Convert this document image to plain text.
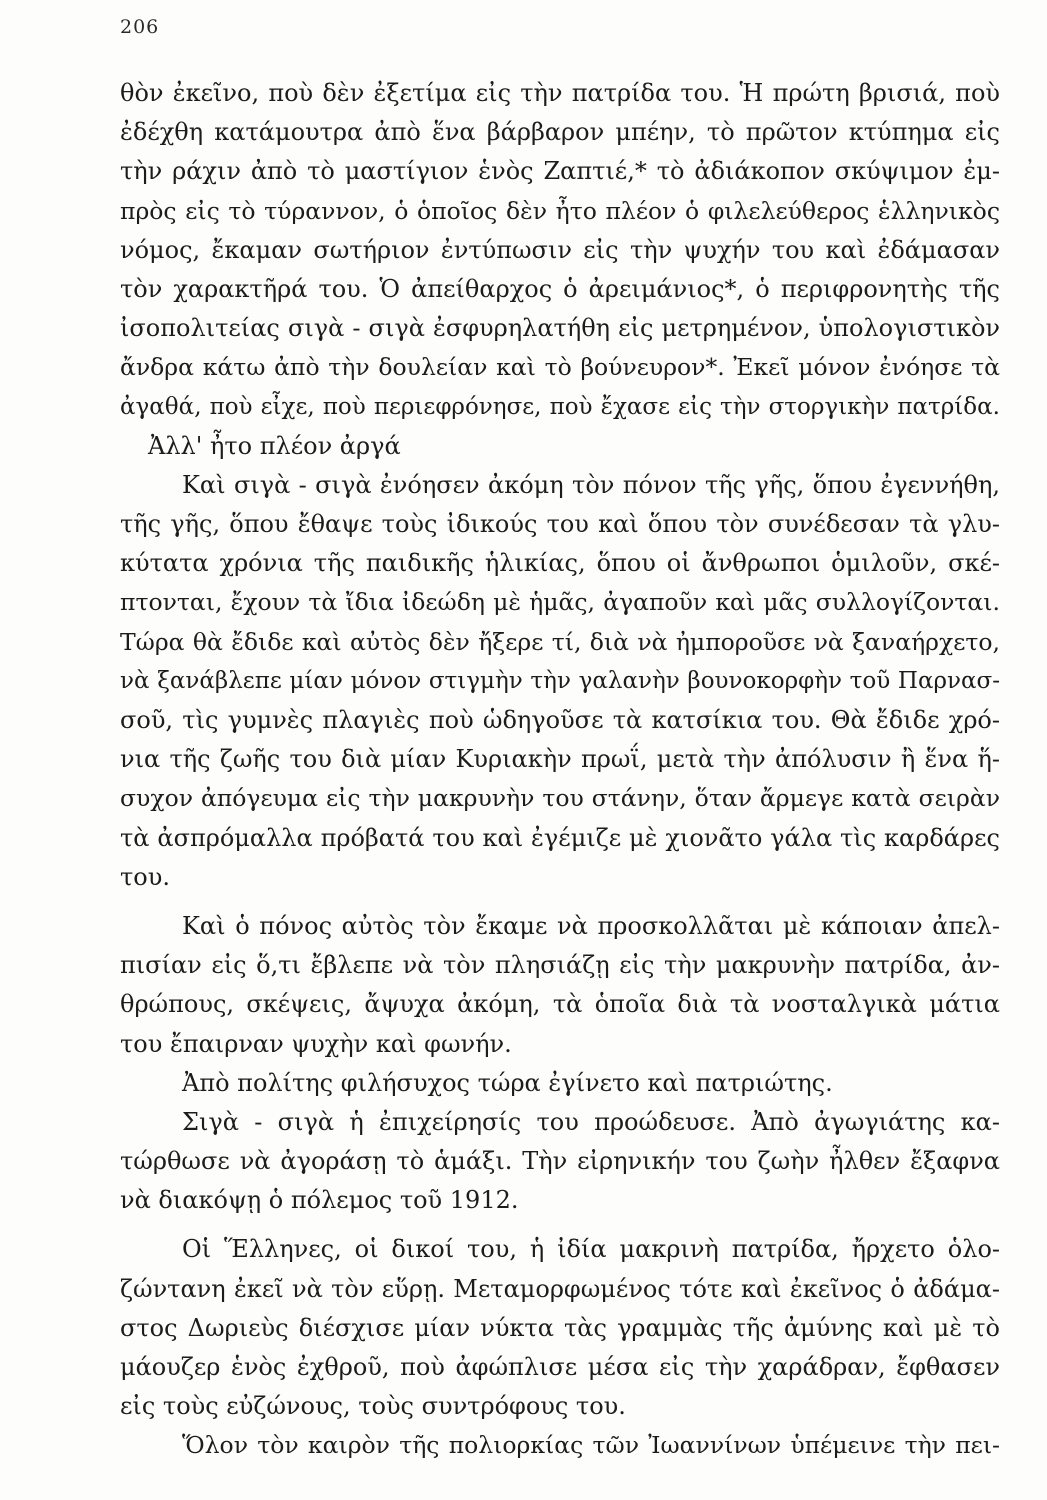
206
θὸν ἐκεῖνο, ποὺ δὲν ἐξετίμα εἰς τὴν πατρίδα του. Ἡ πρώτη βρισιά, ποὺ
ἐδέχθη κατάμουτρα ἀπὸ ἕνα βάρβαρον μπέην, τὸ πρῶτον κτύπημα εἰς
τὴν ράχιν ἀπὸ τὸ μαστίγιον ἑνὸς Ζαπτιέ,* τὸ ἀδιάκοπον σκύψιμον ἐμ-
πρὸς εἰς τὸ τύραννον, ὁ ὁποῖος δὲν ἦτο πλέον ὁ φιλελεύθερος ἑλληνικὸς
νόμος, ἔκαμαν σωτήριον ἐντύπωσιν εἰς τὴν ψυχήν του καὶ ἐδάμασαν
τὸν χαρακτῆρά του. Ὁ ἀπείθαρχος ὁ ἀρειμάνιος*, ὁ περιφρονητὴς τῆς
ἰσοπολιτείας σιγὰ - σιγὰ ἐσφυρηλατήθη εἰς μετρημένον, ὑπολογιστικὸν
ἄνδρα κάτω ἀπὸ τὴν δουλείαν καὶ τὸ βούνευρον*. Ἐκεῖ μόνον ἐνόησε τὰ
ἀγαθά, ποὺ εἶχε, ποὺ περιεφρόνησε, ποὺ ἔχασε εἰς τὴν στοργικὴν πατρίδα.
Ἀλλ' ἦτο πλέον ἀργά
Καὶ σιγὰ - σιγὰ ἐνόησεν ἀκόμη τὸν πόνον τῆς γῆς, ὅπου ἐγεννήθη,
τῆς γῆς, ὅπου ἔθαψε τοὺς ἰδικούς του καὶ ὅπου τὸν συνέδεσαν τὰ γλυ-
κύτατα χρόνια τῆς παιδικῆς ἡλικίας, ὅπου οἱ ἄνθρωποι ὁμιλοῦν, σκέ-
πτονται, ἔχουν τὰ ἴδια ἰδεώδη μὲ ἡμᾶς, ἀγαποῦν καὶ μᾶς συλλογίζονται.
Τώρα θὰ ἔδιδε καὶ αὐτὸς δὲν ἤξερε τί, διὰ νὰ ἠμποροῦσε νὰ ξαναήρχετο,
νὰ ξανάβλεπε μίαν μόνον στιγμὴν τὴν γαλανὴν βουνοκορφὴν τοῦ Παρνασ-
σοῦ, τὶς γυμνὲς πλαγιὲς ποὺ ὡδηγοῦσε τὰ κατσίκια του. Θὰ ἔδιδε χρό-
νια τῆς ζωῆς του διὰ μίαν Κυριακὴν πρωΐ, μετὰ τὴν ἀπόλυσιν ἢ ἕνα ἥ-
συχον ἀπόγευμα εἰς τὴν μακρυνὴν του στάνην, ὅταν ἄρμεγε κατὰ σειρὰν
τὰ ἀσπρόμαλλα πρόβατά του καὶ ἐγέμιζε μὲ χιονᾶτο γάλα τὶς καρδάρες
του.
Καὶ ὁ πόνος αὐτὸς τὸν ἔκαμε νὰ προσκολλᾶται μὲ κάποιαν ἀπελ-
πισίαν εἰς ὅ,τι ἔβλεπε νὰ τὸν πλησιάζῃ εἰς τὴν μακρυνὴν πατρίδα, ἀν-
θρώπους, σκέψεις, ἄψυχα ἀκόμη, τὰ ὁποῖα διὰ τὰ νοσταλγικὰ μάτια
του ἔπαιρναν ψυχὴν καὶ φωνήν.
Ἀπὸ πολίτης φιλήσυχος τώρα ἐγίνετο καὶ πατριώτης.
Σιγὰ - σιγὰ ἡ ἐπιχείρησίς του προώδευσε. Ἀπὸ ἀγωγιάτης κα-
τώρθωσε νὰ ἀγοράσῃ τὸ ἁμάξι. Τὴν εἰρηνικήν του ζωὴν ἦλθεν ἔξαφνα
νὰ διακόψῃ ὁ πόλεμος τοῦ 1912.
Οἱ Ἕλληνες, οἱ δικοί του, ἡ ἰδία μακρινὴ πατρίδα, ἤρχετο ὁλο-
ζώντανη ἐκεῖ νὰ τὸν εὕρῃ. Μεταμορφωμένος τότε καὶ ἐκεῖνος ὁ ἀδάμα-
στος Δωριεὺς διέσχισε μίαν νύκτα τὰς γραμμὰς τῆς ἀμύνης καὶ μὲ τὸ
μάουζερ ἑνὸς ἐχθροῦ, ποὺ ἀφώπλισε μέσα εἰς τὴν χαράδραν, ἔφθασεν
εἰς τοὺς εὐζώνους, τοὺς συντρόφους του.
Ὅλον τὸν καιρὸν τῆς πολιορκίας τῶν Ἰωαννίνων ὑπέμεινε τὴν πει-
